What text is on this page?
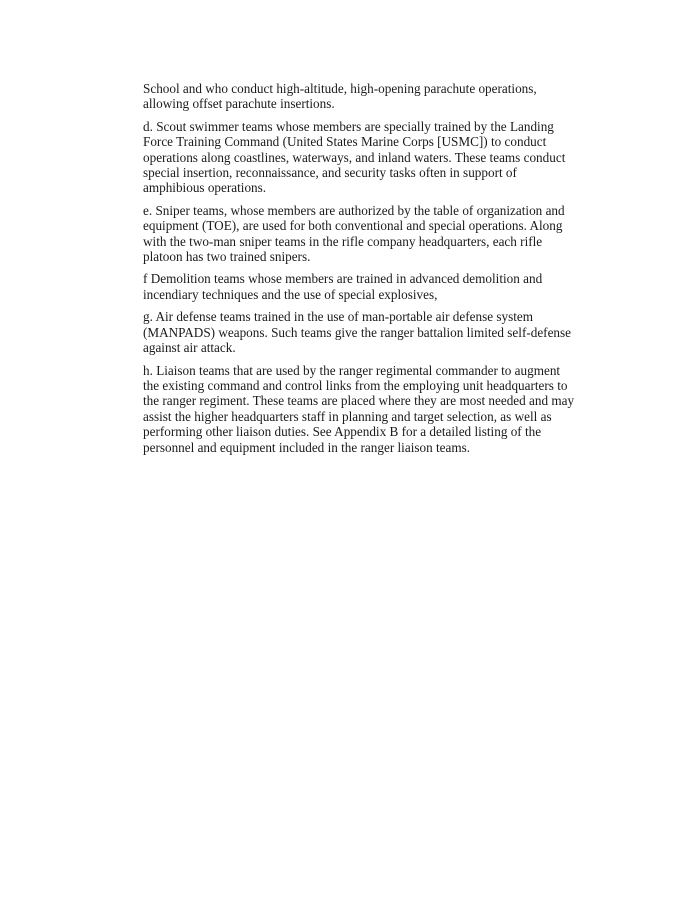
School and who conduct high-altitude, high-opening parachute operations,
allowing offset parachute insertions.

d. Scout swimmer teams whose members are specially trained by the Landing
Force Training Command (United States Marine Corps [USMC]) to conduct
operations along coastlines, waterways, and inland waters. These teams conduct
special insertion, reconnaissance, and security tasks often in support of
amphibious operations.

e. Sniper teams, whose members are authorized by the table of organization and
equipment (TOE), are used for both conventional and special operations. Along
with the two-man sniper teams in the rifle company headquarters, each rifle
platoon has two trained snipers.

f Demolition teams whose members are trained in advanced demolition and
incendiary techniques and the use of special explosives,

g. Air defense teams trained in the use of man-portable air defense system
(MANPADS) weapons. Such teams give the ranger battalion limited self-defense
against air attack.

h. Liaison teams that are used by the ranger regimental commander to augment
the existing command and control links from the employing unit headquarters to
the ranger regiment. These teams are placed where they are most needed and may
assist the higher headquarters staff in planning and target selection, as well as
performing other liaison duties. See Appendix B for a detailed listing of the
personnel and equipment included in the ranger liaison teams.
